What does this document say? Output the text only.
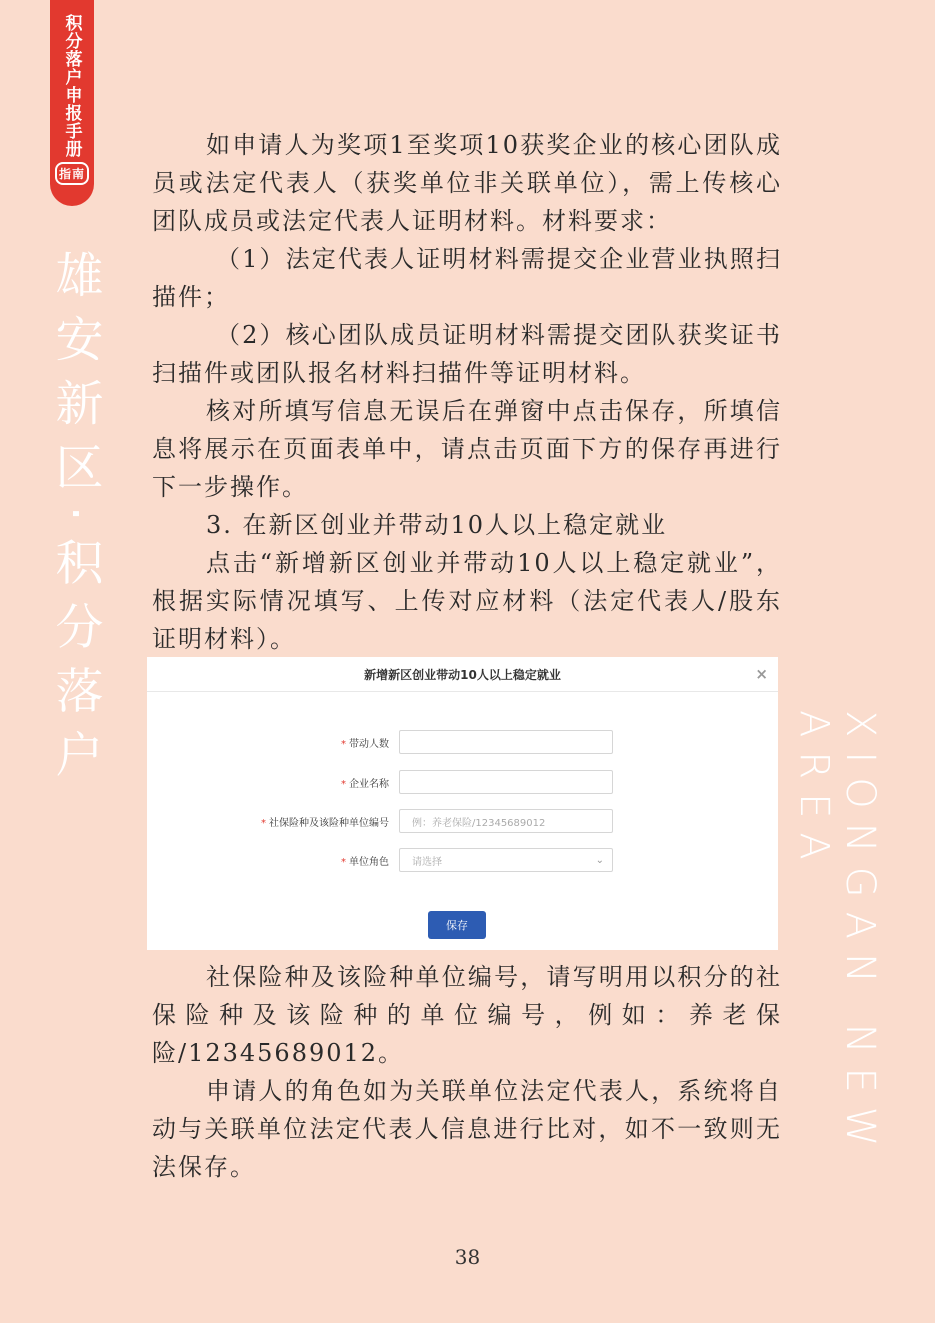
积分落户申报手册
指南
雄安新区·积分落户
XIONGAN NEW AREA

如申请人为奖项1至奖项10获奖企业的核心团队成员或法定代表人（获奖单位非关联单位），需上传核心团队成员或法定代表人证明材料。材料要求：

（1）法定代表人证明材料需提交企业营业执照扫描件；

（2）核心团队成员证明材料需提交团队获奖证书扫描件或团队报名材料扫描件等证明材料。

核对所填写信息无误后在弹窗中点击保存，所填信息将展示在页面表单中，请点击页面下方的保存再进行下一步操作。

3. 在新区创业并带动10人以上稳定就业

点击“新增新区创业并带动10人以上稳定就业”，根据实际情况填写、上传对应材料（法定代表人/股东证明材料）。

新增新区创业带动10人以上稳定就业	×
* 带动人数
* 企业名称
* 社保险种及该险种单位编号	例：养老保险/12345689012
* 单位角色	请选择	⌄
保存

社保险种及该险种单位编号，请写明用以积分的社保险种及该险种的单位编号，例如：养老保险/12345689012。

申请人的角色如为关联单位法定代表人，系统将自动与关联单位法定代表人信息进行比对，如不一致则无法保存。

38
